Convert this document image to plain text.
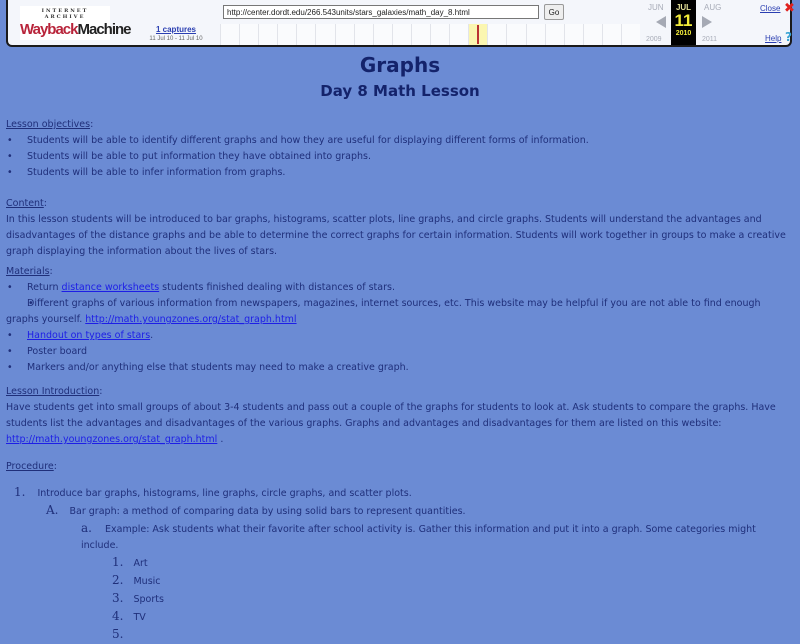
INTERNET ARCHIVE
WaybackMachine	1 captures
11 Jul 10 - 11 Jul 10
http://center.dordt.edu/266.543units/stars_galaxies/math_day_8.html	Go
JUN	JUL
11
2010
AUG
2009	2011
Close ✖
Help ?
Graphs
Day 8 Math Lesson
Lesson objectives:
• Students will be able to identify different graphs and how they are useful for displaying different forms of information.
• Students will be able to put information they have obtained into graphs.
• Students will be able to infer information from graphs.
Content:

In this lesson students will be introduced to bar graphs, histograms, scatter plots, line graphs, and circle graphs. Students will understand the advantages and disadvantages of the distance graphs and be able to determine the correct graphs for certain information. Students will work together in groups to make a creative graph displaying the information about the lives of stars.

Materials:
• Return distance worksheets students finished dealing with distances of stars.
• Different graphs of various information from newspapers, magazines, internet sources, etc. This website may be helpful if you are not able to find enough graphs yourself. http://math.youngzones.org/stat_graph.html
• Handout on types of stars.
• Poster board
• Markers and/or anything else that students may need to make a creative graph.
Lesson Introduction:

Have students get into small groups of about 3-4 students and pass out a couple of the graphs for students to look at. Ask students to compare the graphs. Have students list the advantages and disadvantages of the various graphs. Graphs and advantages and disadvantages for them are listed on this website: http://math.youngzones.org/stat_graph.html .

Procedure:
1. Introduce bar graphs, histograms, line graphs, circle graphs, and scatter plots.
A. Bar graph: a method of comparing data by using solid bars to represent quantities.
a. Example: Ask students what their favorite after school activity is. Gather this information and put it into a graph. Some categories might include.
1. Art
2. Music
3. Sports
4. TV
5.
